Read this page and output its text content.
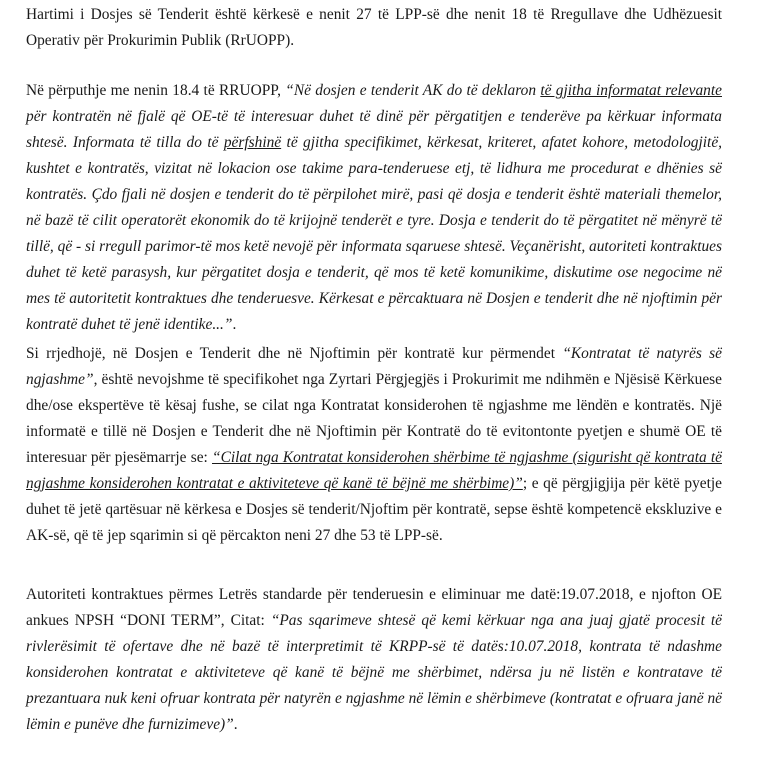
Hartimi i Dosjes së Tenderit është kërkesë e nenit 27 të LPP-së dhe nenit 18 të Rregullave dhe Udhëzuesit Operativ për Prokurimin Publik (RrUOPP).

Në përputhje me nenin 18.4 të RRUOPP, “Në dosjen e tenderit AK do të deklaron të gjitha informatat relevante për kontratën në fjalë që OE-të të interesuar duhet të dinë për përgatitjen e tenderëve pa kërkuar informata shtesë. Informata të tilla do të përfshinë të gjitha specifikimet, kërkesat, kriteret, afatet kohore, metodologjitë, kushtet e kontratës, vizitat në lokacion ose takime para-tenderuese etj, të lidhura me procedurat e dhënies së kontratës. Çdo fjali në dosjen e tenderit do të përpilohet mirë, pasi që dosja e tenderit është materiali themelor, në bazë të cilit operatorët ekonomik do të krijojnë tenderët e tyre. Dosja e tenderit do të përgatitet në mënyrë të tillë, që - si rregull parimor-të mos ketë nevojë për informata sqaruese shtesë. Veçanërisht, autoriteti kontraktues duhet të ketë parasysh, kur përgatitet dosja e tenderit, që mos të ketë komunikime, diskutime ose negocime në mes të autoritetit kontraktues dhe tenderuesve. Kërkesat e përcaktuara në Dosjen e tenderit dhe në njoftimin për kontratë duhet të jenë identike...”.

Si rrjedhojë, në Dosjen e Tenderit dhe në Njoftimin për kontratë kur përmendet “Kontratat të natyrës së ngjashme”, është nevojshme të specifikohet nga Zyrtari Përgjegjës i Prokurimit me ndihmën e Njësisë Kërkuese dhe/ose ekspertëve të kësaj fushe, se cilat nga Kontratat konsiderohen të ngjashme me lëndën e kontratës. Një informatë e tillë në Dosjen e Tenderit dhe në Njoftimin për Kontratë do të evitontonte pyetjen e shumë OE të interesuar për pjesëmarrje se: “Cilat nga Kontratat konsiderohen shërbime të ngjashme (sigurisht që kontrata të ngjashme konsiderohen kontratat e aktiviteteve që kanë të bëjnë me shërbime)”; e që përgjigjija për këtë pyetje duhet të jetë qartësuar në kërkesa e Dosjes së tenderit/Njoftim për kontratë, sepse është kompetencë ekskluzive e AK-së, që të jep sqarimin si që përcakton neni 27 dhe 53 të LPP-së.

Autoriteti kontraktues përmes Letrës standarde për tenderuesin e eliminuar me datë:19.07.2018, e njofton OE ankues NPSH “DONI TERM”, Citat: “Pas sqarimeve shtesë që kemi kërkuar nga ana juaj gjatë procesit të rivlerësimit të ofertave dhe në bazë të interpretimit të KRPP-së të datës:10.07.2018, kontrata të ndashme konsiderohen kontratat e aktiviteteve që kanë të bëjnë me shërbimet, ndërsa ju në listën e kontratave të prezantuara nuk keni ofruar kontrata për natyrën e ngjashme në lëmin e shërbimeve (kontratat e ofruara janë në lëmin e punëve dhe furnizimeve)”.
